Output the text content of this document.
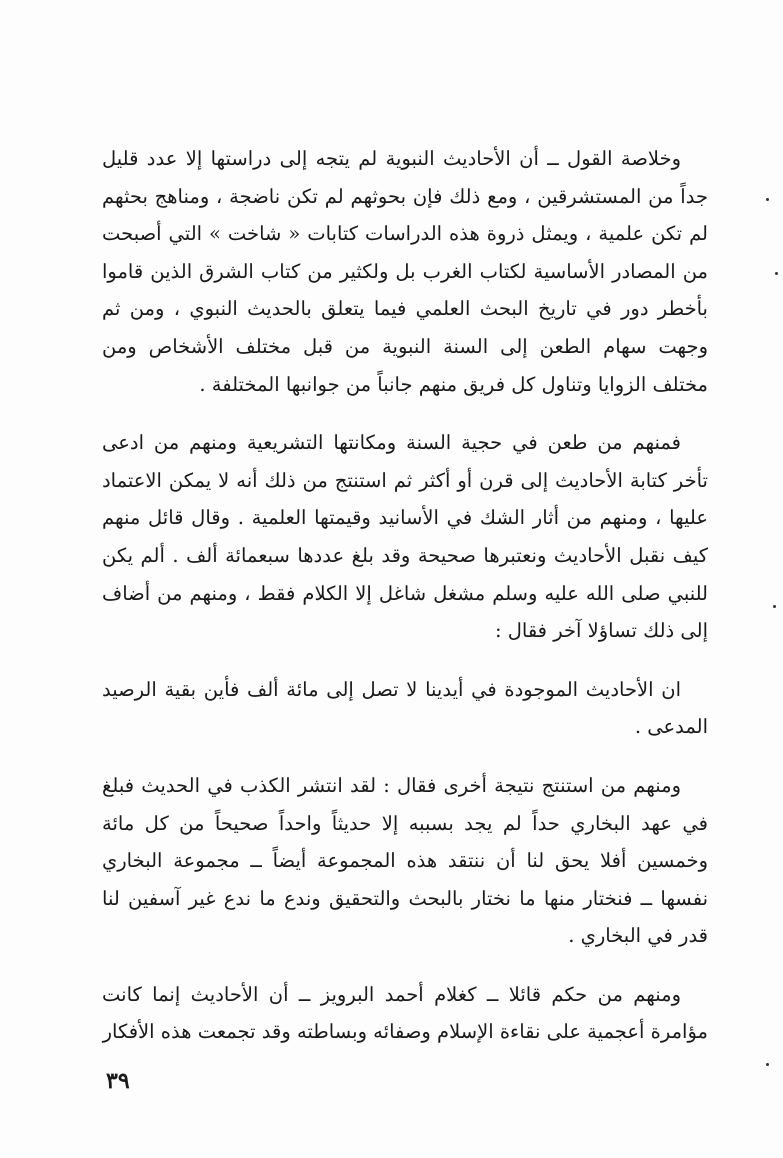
وخلاصة القول ــ أن الأحاديث النبوية لم يتجه إلى دراستها إلا عدد قليل جداً من المستشرقين ، ومع ذلك فإن بحوثهم لم تكن ناضجة ، ومناهج بحثهم لم تكن علمية ، ويمثل ذروة هذه الدراسات كتابات « شاخت » التي أصبحت من المصادر الأساسية لكتاب الغرب بل ولكثير من كتاب الشرق الذين قاموا بأخطر دور في تاريخ البحث العلمي فيما يتعلق بالحديث النبوي ، ومن ثم وجهت سهام الطعن إلى السنة النبوية من قبل مختلف الأشخاص ومن مختلف الزوايا وتناول كل فريق منهم جانباً من جوانبها المختلفة .

فمنهم من طعن في حجية السنة ومكانتها التشريعية ومنهم من ادعى تأخر كتابة الأحاديث إلى قرن أو أكثر ثم استنتج من ذلك أنه لا يمكن الاعتماد عليها ، ومنهم من أثار الشك في الأسانيد وقيمتها العلمية . وقال قائل منهم كيف نقبل الأحاديث ونعتبرها صحيحة وقد بلغ عددها سبعمائة ألف . ألم يكن للنبي صلى الله عليه وسلم مشغل شاغل إلا الكلام فقط ، ومنهم من أضاف إلى ذلك تساؤلا آخر فقال :

ان الأحاديث الموجودة في أيدينا لا تصل إلى مائة ألف فأين بقية الرصيد المدعى .

ومنهم من استنتج نتيجة أخرى فقال : لقد انتشر الكذب في الحديث فبلغ في عهد البخاري حداً لم يجد بسببه إلا حديثاً واحداً صحيحاً من كل مائة وخمسين أفلا يحق لنا أن ننتقد هذه المجموعة أيضاً ــ مجموعة البخاري نفسها ــ فنختار منها ما نختار بالبحث والتحقيق وندع ما ندع غير آسفين لنا قدر في البخاري .

ومنهم من حكم قائلا ــ كغلام أحمد البرويز ــ أن الأحاديث إنما كانت مؤامرة أعجمية على نقاءة الإسلام وصفائه وبساطته وقد تجمعت هذه الأفكار

٣٩
